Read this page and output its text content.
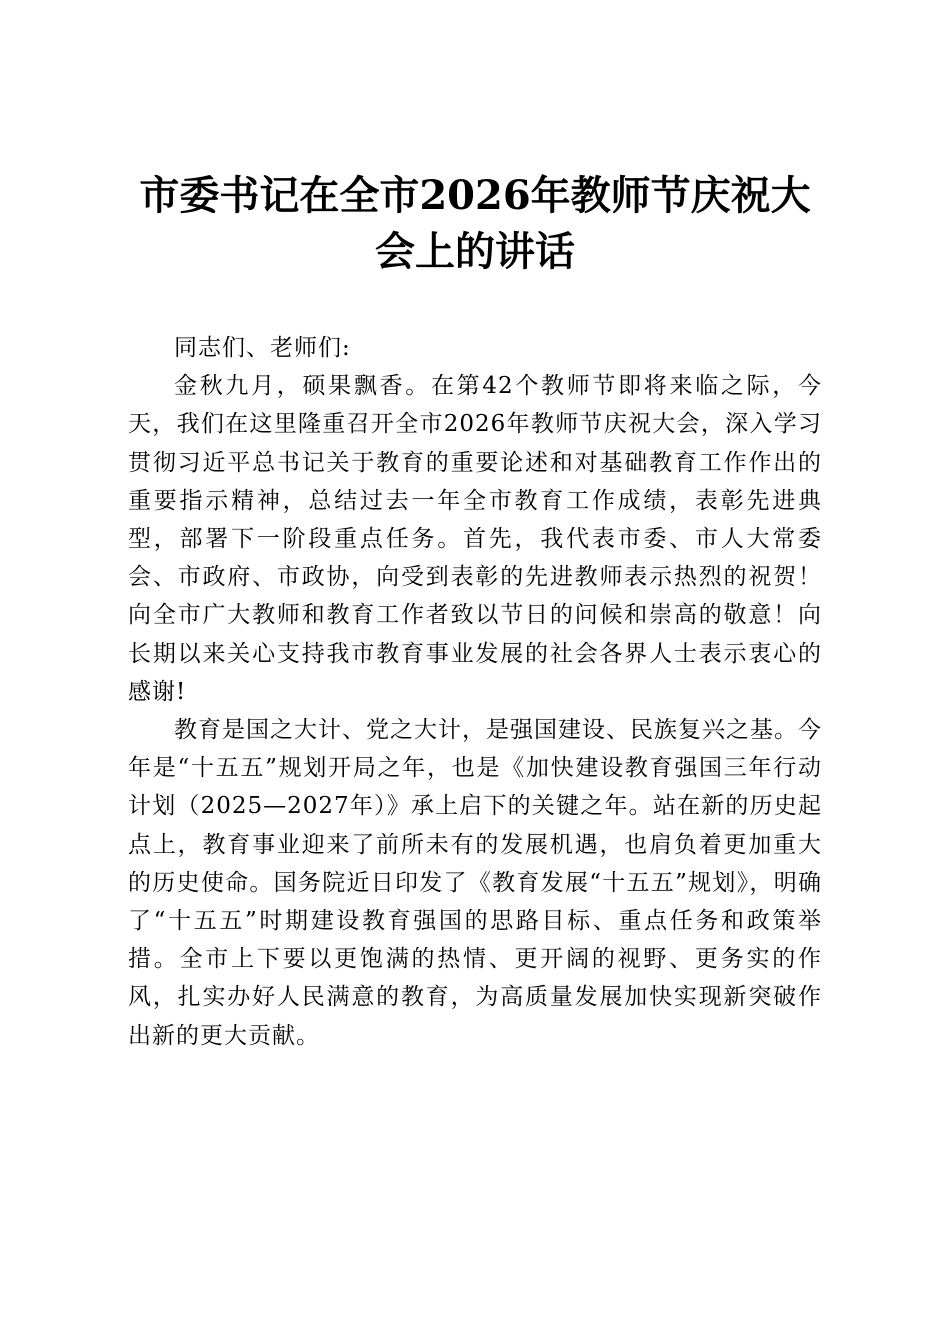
市委书记在全市2026年教师节庆祝大会上的讲话

同志们、老师们:

金秋九月，硕果飘香。在第42个教师节即将来临之际，今天，我们在这里隆重召开全市2026年教师节庆祝大会，深入学习贯彻习近平总书记关于教育的重要论述和对基础教育工作作出的重要指示精神，总结过去一年全市教育工作成绩，表彰先进典型，部署下一阶段重点任务。首先，我代表市委、市人大常委会、市政府、市政协，向受到表彰的先进教师表示热烈的祝贺！向全市广大教师和教育工作者致以节日的问候和崇高的敬意！向长期以来关心支持我市教育事业发展的社会各界人士表示衷心的感谢!

教育是国之大计、党之大计，是强国建设、民族复兴之基。今年是“十五五”规划开局之年，也是《加快建设教育强国三年行动计划（2025—2027年）》承上启下的关键之年。站在新的历史起点上，教育事业迎来了前所未有的发展机遇，也肩负着更加重大的历史使命。国务院近日印发了《教育发展“十五五”规划》，明确了“十五五”时期建设教育强国的思路目标、重点任务和政策举措。全市上下要以更饱满的热情、更开阔的视野、更务实的作风，扎实办好人民满意的教育，为高质量发展加快实现新突破作出新的更大贡献。
